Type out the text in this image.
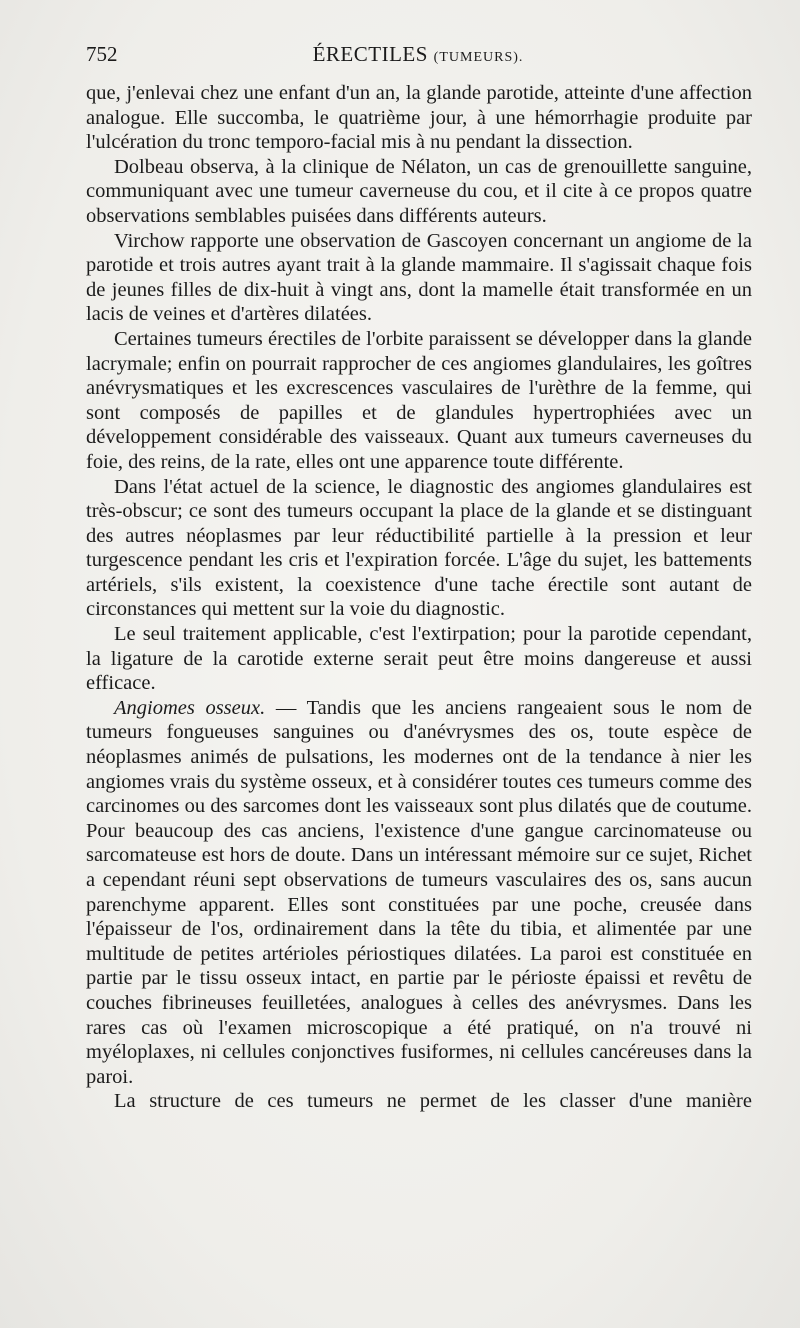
752	ÉRECTILES (TUMEURS).

que, j'enlevai chez une enfant d'un an, la glande parotide, atteinte d'une affection analogue. Elle succomba, le quatrième jour, à une hémorrhagie produite par l'ulcération du tronc temporo-facial mis à nu pendant la dissection.

Dolbeau observa, à la clinique de Nélaton, un cas de grenouillette sanguine, communiquant avec une tumeur caverneuse du cou, et il cite à ce propos quatre observations semblables puisées dans différents auteurs.

Virchow rapporte une observation de Gascoyen concernant un angiome de la parotide et trois autres ayant trait à la glande mammaire. Il s'agissait chaque fois de jeunes filles de dix-huit à vingt ans, dont la mamelle était transformée en un lacis de veines et d'artères dilatées.

Certaines tumeurs érectiles de l'orbite paraissent se développer dans la glande lacrymale; enfin on pourrait rapprocher de ces angiomes glandulaires, les goîtres anévrysmatiques et les excrescences vasculaires de l'urèthre de la femme, qui sont composés de papilles et de glandules hypertrophiées avec un développement considérable des vaisseaux. Quant aux tumeurs caverneuses du foie, des reins, de la rate, elles ont une apparence toute différente.

Dans l'état actuel de la science, le diagnostic des angiomes glandulaires est très-obscur; ce sont des tumeurs occupant la place de la glande et se distinguant des autres néoplasmes par leur réductibilité partielle à la pression et leur turgescence pendant les cris et l'expiration forcée. L'âge du sujet, les battements artériels, s'ils existent, la coexistence d'une tache érectile sont autant de circonstances qui mettent sur la voie du diagnostic.

Le seul traitement applicable, c'est l'extirpation; pour la parotide cependant, la ligature de la carotide externe serait peut être moins dangereuse et aussi efficace.

Angiomes osseux. — Tandis que les anciens rangeaient sous le nom de tumeurs fongueuses sanguines ou d'anévrysmes des os, toute espèce de néoplasmes animés de pulsations, les modernes ont de la tendance à nier les angiomes vrais du système osseux, et à considérer toutes ces tumeurs comme des carcinomes ou des sarcomes dont les vaisseaux sont plus dilatés que de coutume. Pour beaucoup des cas anciens, l'existence d'une gangue carcinomateuse ou sarcomateuse est hors de doute. Dans un intéressant mémoire sur ce sujet, Richet a cependant réuni sept observations de tumeurs vasculaires des os, sans aucun parenchyme apparent. Elles sont constituées par une poche, creusée dans l'épaisseur de l'os, ordinairement dans la tête du tibia, et alimentée par une multitude de petites artérioles périostiques dilatées. La paroi est constituée en partie par le tissu osseux intact, en partie par le périoste épaissi et revêtu de couches fibrineuses feuilletées, analogues à celles des anévrysmes. Dans les rares cas où l'examen microscopique a été pratiqué, on n'a trouvé ni myéloplaxes, ni cellules conjonctives fusiformes, ni cellules cancéreuses dans la paroi.

La structure de ces tumeurs ne permet de les classer d'une manière
